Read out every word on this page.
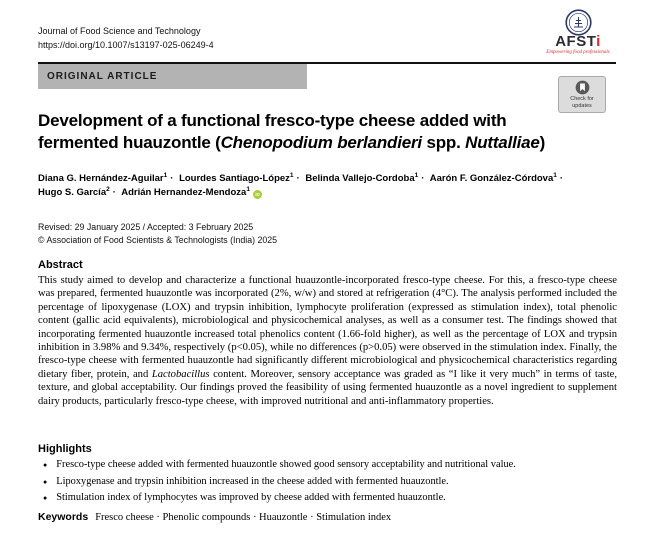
Journal of Food Science and Technology
https://doi.org/10.1007/s13197-025-06249-4	AFSTi
Empowering food professionals
ORIGINAL ARTICLE
Check for
updates
Development of a functional fresco-type cheese added with
fermented huauzontle (Chenopodium berlandieri spp. Nuttalliae)
Diana G. Hernández-Aguilar$^1$ · Lourdes Santiago-López$^1$ · Belinda Vallejo-Cordoba$^1$ · Aarón F. González-Córdova$^1$ ·
Hugo S. García$^2$ · Adrián Hernandez-Mendoza$^1$iD
Revised: 29 January 2025 / Accepted: 3 February 2025
© Association of Food Scientists & Technologists (India) 2025
Abstract

This study aimed to develop and characterize a functional huauzontle-incorporated fresco-type cheese. For this, a fresco-type cheese was prepared, fermented huauzontle was incorporated (2%, w/w) and stored at refrigeration (4°C). The analysis performed included the percentage of lipoxygenase (LOX) and trypsin inhibition, lymphocyte proliferation (expressed as stimulation index), total phenolic content (gallic acid equivalents), microbiological and physicochemical analyses, as well as a consumer test. The findings showed that incorporating fermented huauzontle increased total phenolics content (1.66-fold higher), as well as the percentage of LOX and trypsin inhibition in 3.98% and 9.34%, respectively (p<0.05), while no differences (p>0.05) were observed in the stimulation index. Finally, the fresco-type cheese with fermented huauzontle had significantly different microbiological and physicochemical characteristics regarding dietary fiber, protein, and Lactobacillus content. Moreover, sensory acceptance was graded as “I like it very much” in terms of taste, texture, and global acceptability. Our findings proved the feasibility of using fermented huauzontle as a novel ingredient to supplement dairy products, particularly fresco-type cheese, with improved nutritional and anti-inflammatory properties.

Highlights
● Fresco-type cheese added with fermented huauzontle showed good sensory acceptability and nutritional value.
● Lipoxygenase and trypsin inhibition increased in the cheese added with fermented huauzontle.
● Stimulation index of lymphocytes was improved by cheese added with fermented huauzontle.
Keywords Fresco cheese · Phenolic compounds · Huauzontle · Stimulation index
